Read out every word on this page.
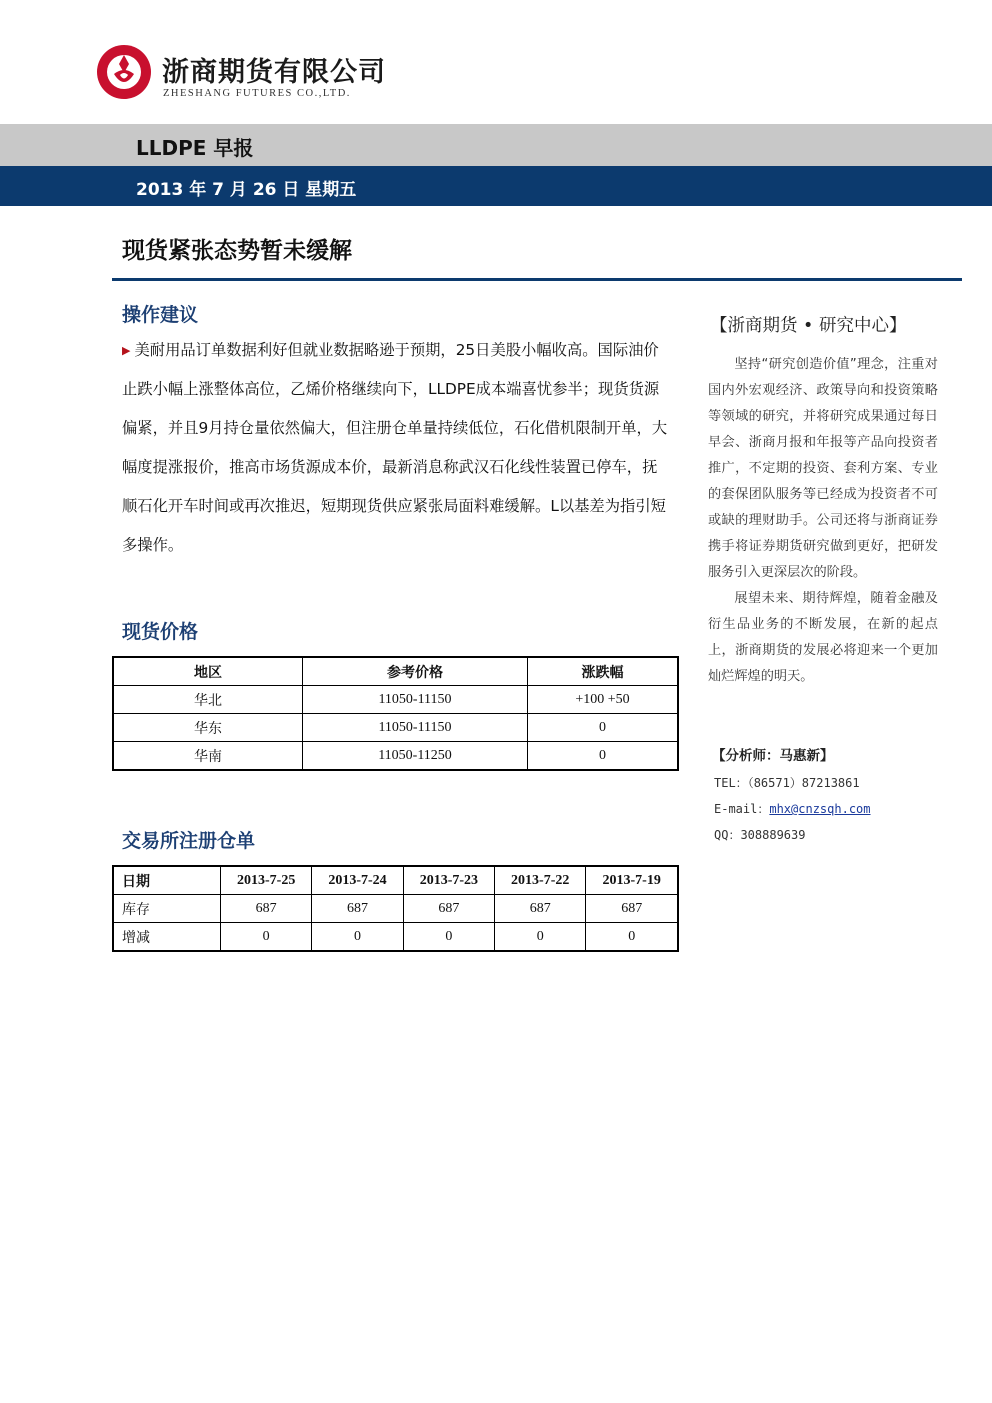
浙商期货有限公司
ZHESHANG FUTURES CO.,LTD.
LLDPE 早报
2013 年 7 月 26 日 星期五
现货紧张态势暂未缓解
操作建议
▶ 美耐用品订单数据利好但就业数据略逊于预期，25日美股小幅收高。国际油价止跌小幅上涨整体高位，乙烯价格继续向下，LLDPE成本端喜忧参半；现货货源偏紧，并且9月持仓量依然偏大，但注册仓单量持续低位，石化借机限制开单，大幅度提涨报价，推高市场货源成本价，最新消息称武汉石化线性装置已停车，抚顺石化开车时间或再次推迟，短期现货供应紧张局面料难缓解。L以基差为指引短多操作。
现货价格
地区	参考价格	涨跌幅
华北	11050-11150	+100 +50
华东	11050-11150	0
华南	11050-11250	0
交易所注册仓单
日期	2013-7-25	2013-7-24	2013-7-23	2013-7-22	2013-7-19
库存	687	687	687	687	687
增减	0	0	0	0	0
【浙商期货 • 研究中心】

坚持“研究创造价值”理念，注重对国内外宏观经济、政策导向和投资策略等领域的研究，并将研究成果通过每日早会、浙商月报和年报等产品向投资者推广，不定期的投资、套利方案、专业的套保团队服务等已经成为投资者不可或缺的理财助手。公司还将与浙商证券携手将证券期货研究做到更好，把研发服务引入更深层次的阶段。

展望未来、期待辉煌，随着金融及衍生品业务的不断发展，在新的起点上，浙商期货的发展必将迎来一个更加灿烂辉煌的明天。

【分析师：马惠新】
TEL：（86571）87213861
E-mail：mhx@cnzsqh.com
QQ：308889639
